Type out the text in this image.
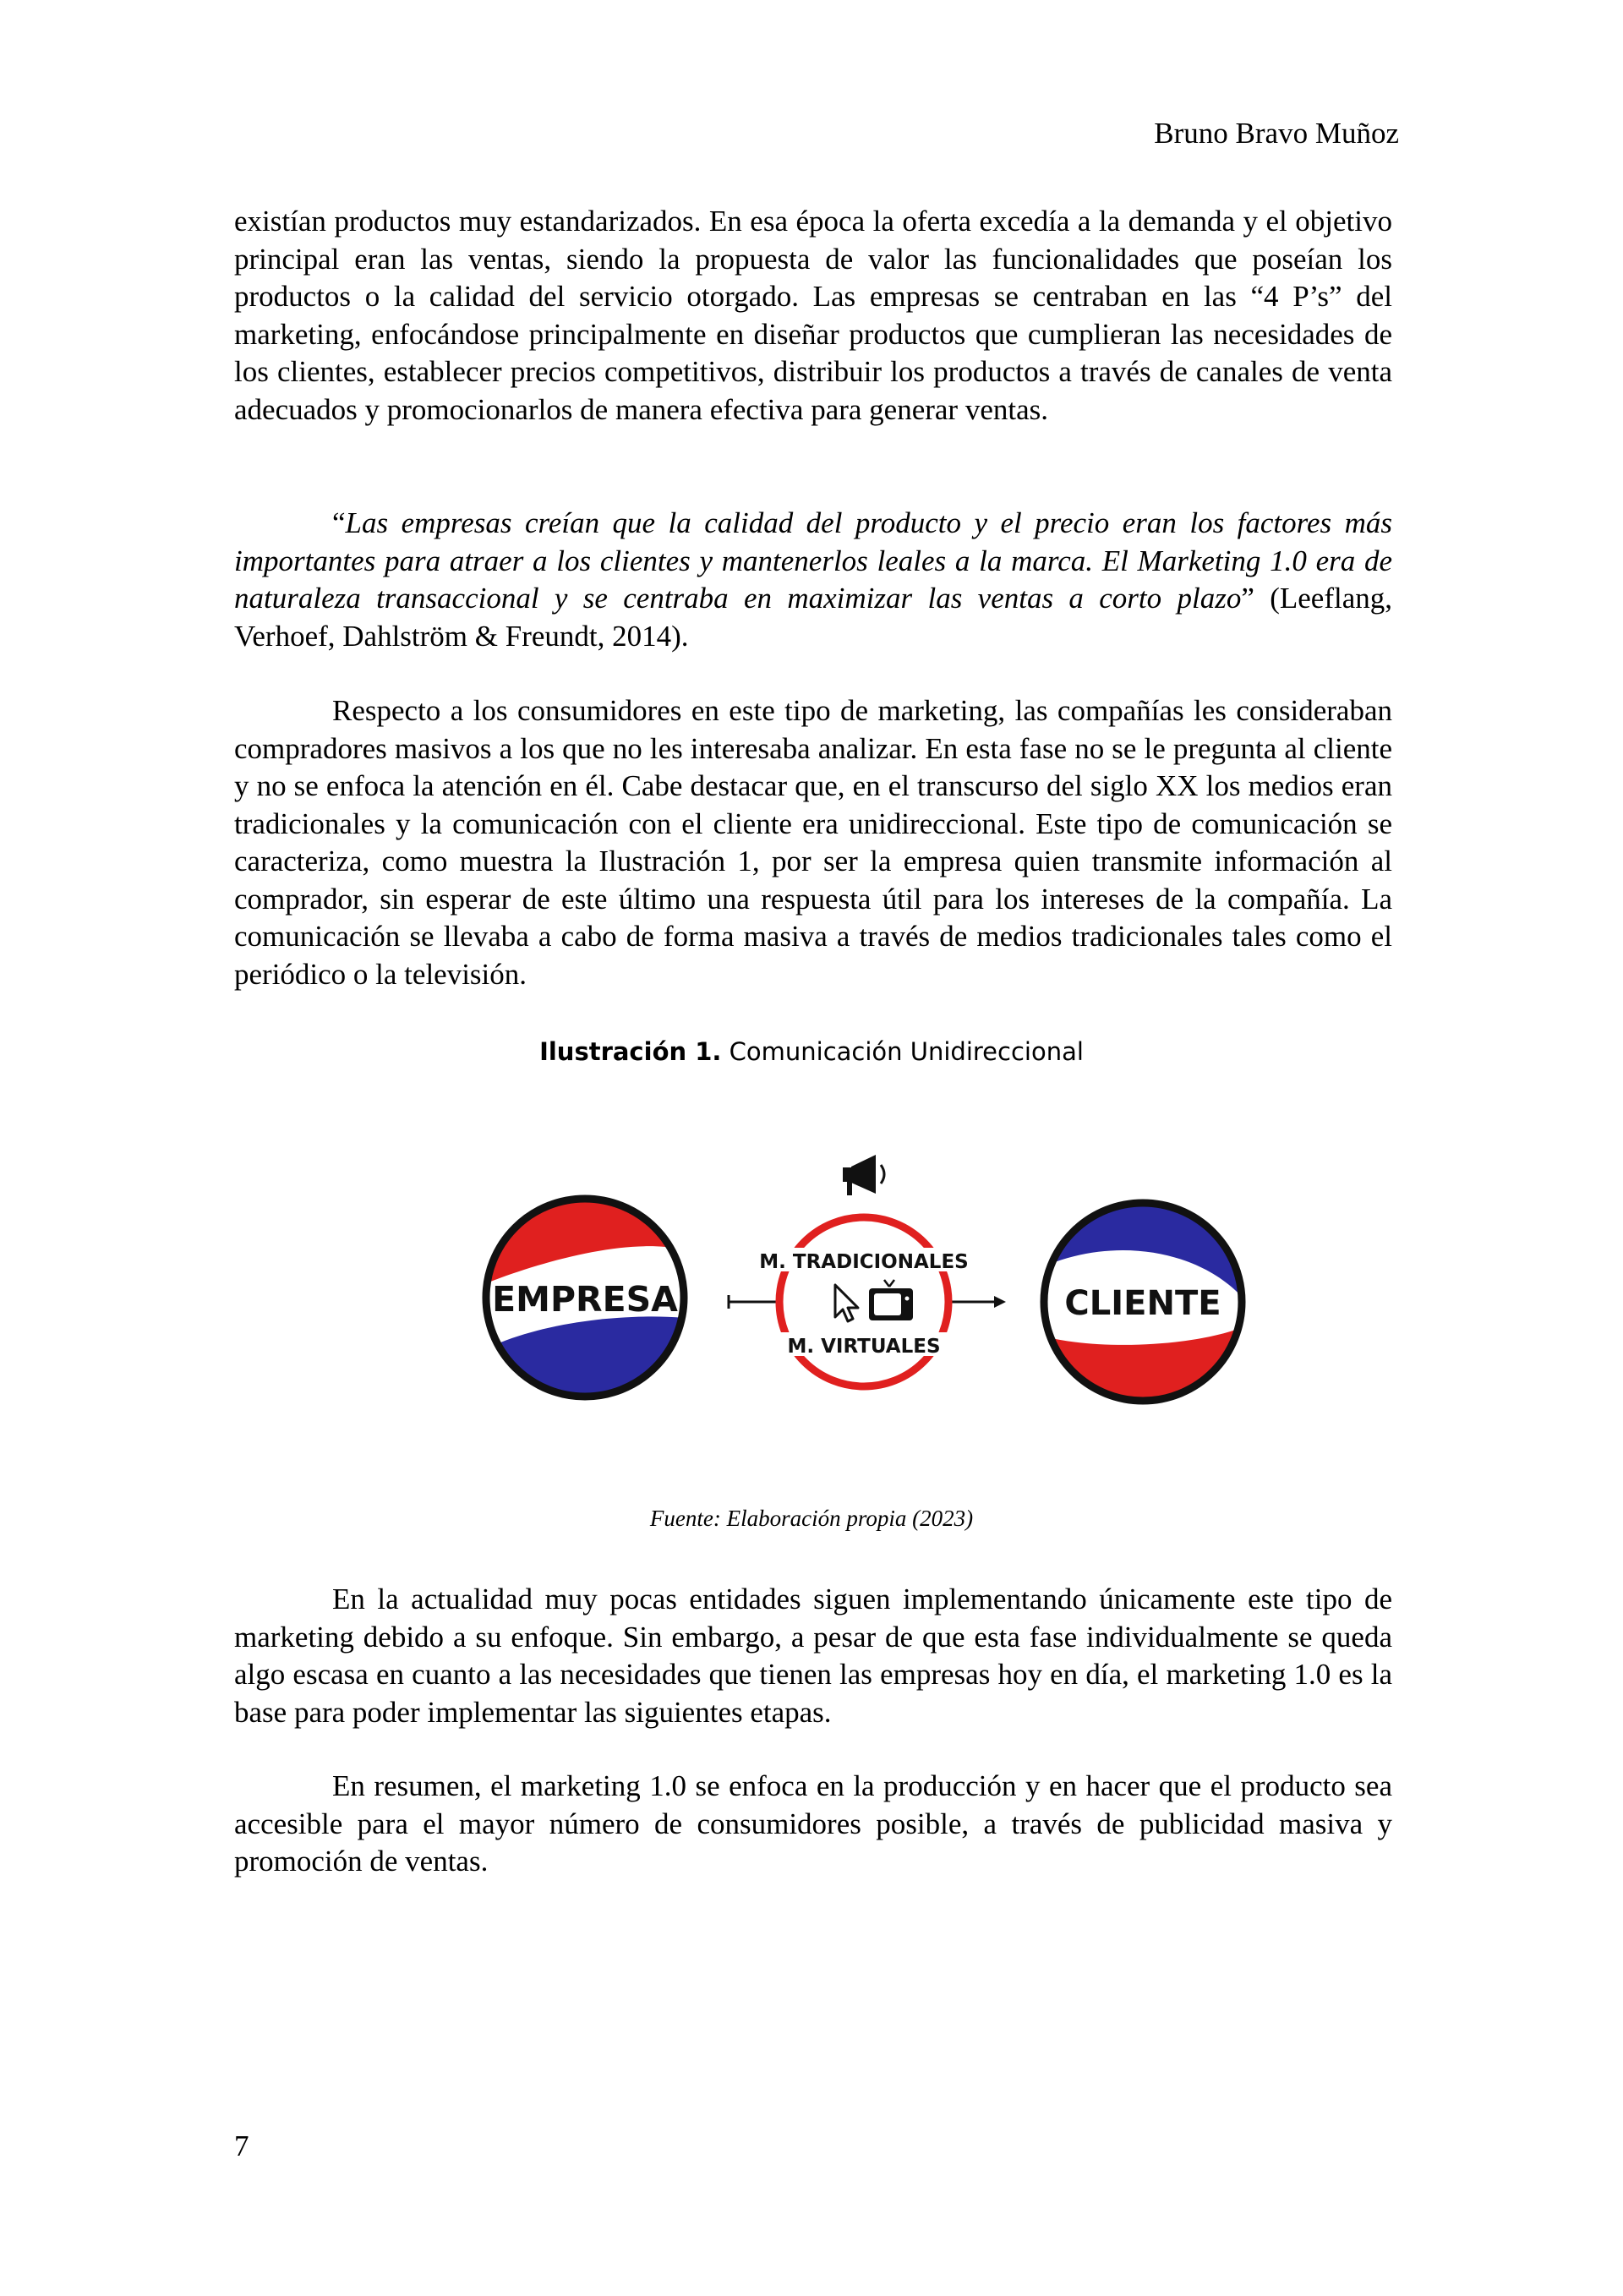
Bruno Bravo Muñoz

existían productos muy estandarizados. En esa época la oferta excedía a la demanda y el objetivo principal eran las ventas, siendo la propuesta de valor las funcionalidades que poseían los productos o la calidad del servicio otorgado. Las empresas se centraban en las “4 P’s” del marketing, enfocándose principalmente en diseñar productos que cumplieran las necesidades de los clientes, establecer precios competitivos, distribuir los productos a través de canales de venta adecuados y promocionarlos de manera efectiva para generar ventas.

“Las empresas creían que la calidad del producto y el precio eran los factores más importantes para atraer a los clientes y mantenerlos leales a la marca. El Marketing 1.0 era de naturaleza transaccional y se centraba en maximizar las ventas a corto plazo” (Leeflang, Verhoef, Dahlström & Freundt, 2014).

Respecto a los consumidores en este tipo de marketing, las compañías les consideraban compradores masivos a los que no les interesaba analizar. En esta fase no se le pregunta al cliente y no se enfoca la atención en él. Cabe destacar que, en el transcurso del siglo XX los medios eran tradicionales y la comunicación con el cliente era unidireccional. Este tipo de comunicación se caracteriza, como muestra la Ilustración 1, por ser la empresa quien transmite información al comprador, sin esperar de este último una respuesta útil para los intereses de la compañía. La comunicación se llevaba a cabo de forma masiva a través de medios tradicionales tales como el periódico o la televisión.

Ilustración 1. Comunicación Unidireccional
EMPRESA	CLIENTE
M. TRADICIONALES
M. VIRTUALES
Fuente: Elaboración propia (2023)

En la actualidad muy pocas entidades siguen implementando únicamente este tipo de marketing debido a su enfoque. Sin embargo, a pesar de que esta fase individualmente se queda algo escasa en cuanto a las necesidades que tienen las empresas hoy en día, el marketing 1.0 es la base para poder implementar las siguientes etapas.

En resumen, el marketing 1.0 se enfoca en la producción y en hacer que el producto sea accesible para el mayor número de consumidores posible, a través de publicidad masiva y promoción de ventas.

7
